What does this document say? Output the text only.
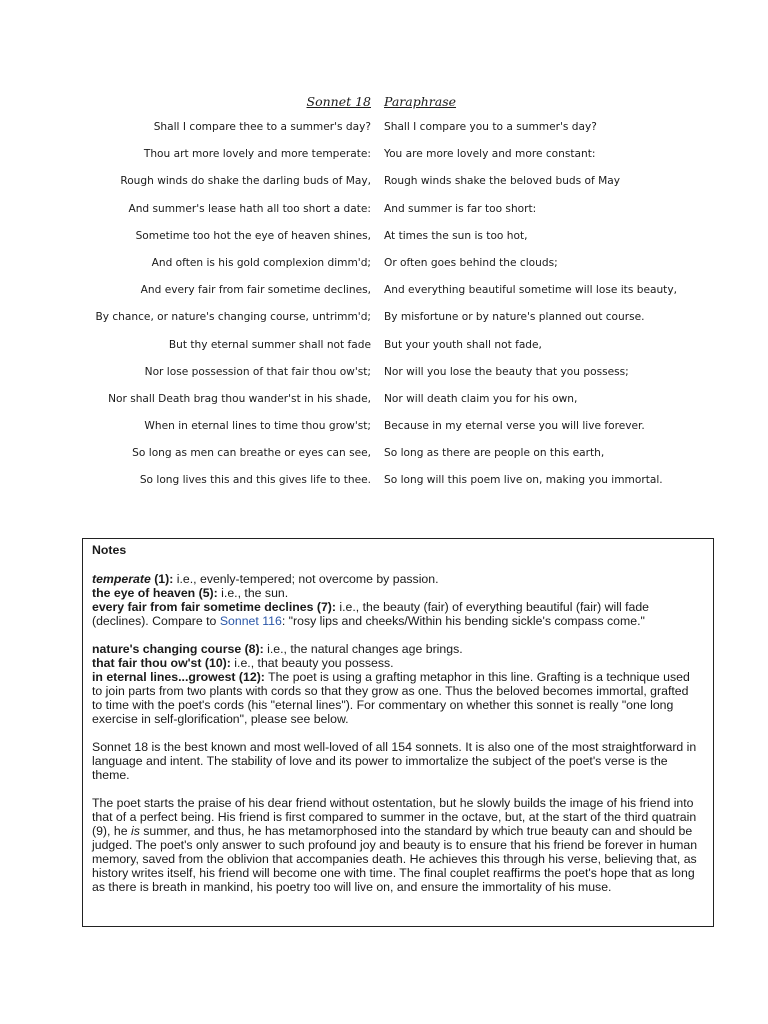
Sonnet 18 Paraphrase
Shall I compare thee to a summer's day? Shall I compare you to a summer's day?
Thou art more lovely and more temperate: You are more lovely and more constant:
Rough winds do shake the darling buds of May, Rough winds shake the beloved buds of May
And summer's lease hath all too short a date: And summer is far too short:
Sometime too hot the eye of heaven shines, At times the sun is too hot,
And often is his gold complexion dimm'd; Or often goes behind the clouds;
And every fair from fair sometime declines, And everything beautiful sometime will lose its beauty,
By chance, or nature's changing course, untrimm'd; By misfortune or by nature's planned out course.
But thy eternal summer shall not fade But your youth shall not fade,
Nor lose possession of that fair thou ow'st; Nor will you lose the beauty that you possess;
Nor shall Death brag thou wander'st in his shade, Nor will death claim you for his own,
When in eternal lines to time thou grow'st; Because in my eternal verse you will live forever.
So long as men can breathe or eyes can see, So long as there are people on this earth,
So long lives this and this gives life to thee. So long will this poem live on, making you immortal.
Notes

temperate (1): i.e., evenly-tempered; not overcome by passion.
the eye of heaven (5): i.e., the sun.
every fair from fair sometime declines (7): i.e., the beauty (fair) of everything beautiful (fair) will fade (declines). Compare to Sonnet 116: "rosy lips and cheeks/Within his bending sickle's compass come."

nature's changing course (8): i.e., the natural changes age brings.
that fair thou ow'st (10): i.e., that beauty you possess.
in eternal lines...growest (12): The poet is using a grafting metaphor in this line. Grafting is a technique used to join parts from two plants with cords so that they grow as one. Thus the beloved becomes immortal, grafted to time with the poet's cords (his "eternal lines"). For commentary on whether this sonnet is really "one long exercise in self-glorification", please see below.

Sonnet 18 is the best known and most well-loved of all 154 sonnets. It is also one of the most straightforward in language and intent. The stability of love and its power to immortalize the subject of the poet's verse is the theme.

The poet starts the praise of his dear friend without ostentation, but he slowly builds the image of his friend into that of a perfect being. His friend is first compared to summer in the octave, but, at the start of the third quatrain (9), he is summer, and thus, he has metamorphosed into the standard by which true beauty can and should be judged. The poet's only answer to such profound joy and beauty is to ensure that his friend be forever in human memory, saved from the oblivion that accompanies death. He achieves this through his verse, believing that, as history writes itself, his friend will become one with time. The final couplet reaffirms the poet's hope that as long as there is breath in mankind, his poetry too will live on, and ensure the immortality of his muse.
